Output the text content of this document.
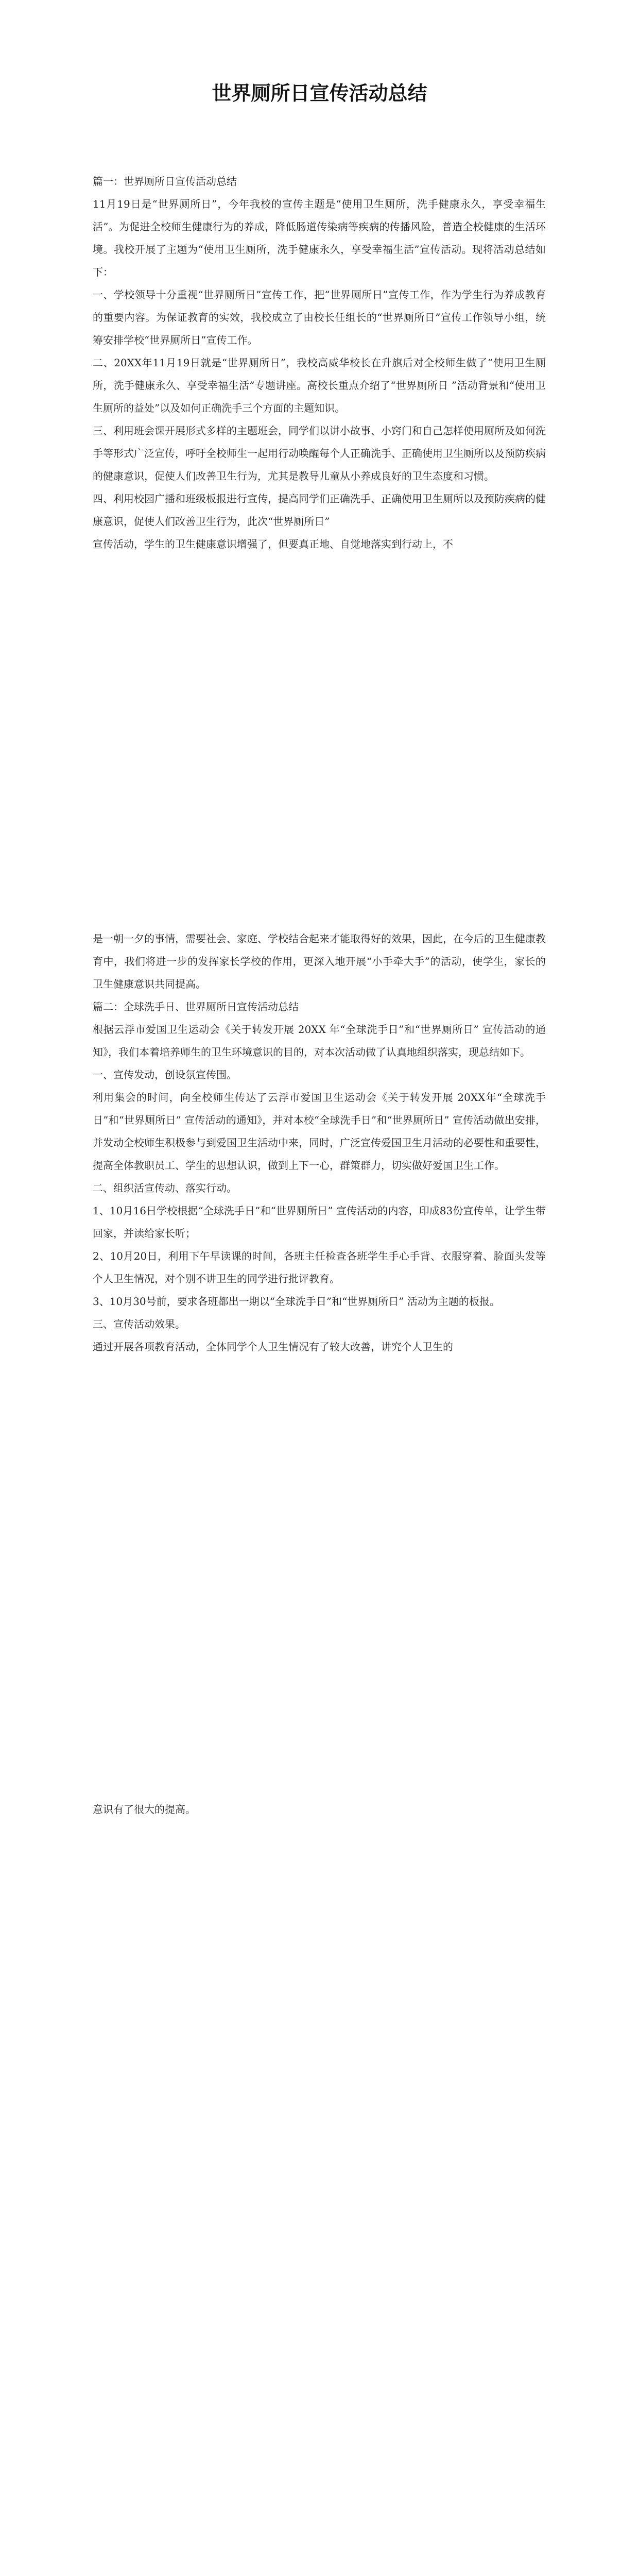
世界厕所日宣传活动总结

篇一：世界厕所日宣传活动总结

11月19日是“世界厕所日”，今年我校的宣传主题是“使用卫生厕所，洗手健康永久，享受幸福生活”。为促进全校师生健康行为的养成，降低肠道传染病等疾病的传播风险，普造全校健康的生活环境。我校开展了主题为“使用卫生厕所，洗手健康永久，享受幸福生活”宣传活动。现将活动总结如下：

一、学校领导十分重视“世界厕所日”宣传工作，把“世界厕所日”宣传工作，作为学生行为养成教育的重要内容。为保证教育的实效，我校成立了由校长任组长的“世界厕所日”宣传工作领导小组，统筹安排学校“世界厕所日”宣传工作。

二、20XX年11月19日就是“世界厕所日”，我校高威华校长在升旗后对全校师生做了“使用卫生厕所，洗手健康永久、享受幸福生活”专题讲座。高校长重点介绍了“世界厕所日 ”活动背景和“使用卫生厕所的益处”以及如何正确洗手三个方面的主题知识。

三、利用班会课开展形式多样的主题班会，同学们以讲小故事、小窍门和自己怎样使用厕所及如何洗手等形式广泛宣传，呼吁全校师生一起用行动唤醒每个人正确洗手、正确使用卫生厕所以及预防疾病的健康意识，促使人们改善卫生行为，尤其是教导儿童从小养成良好的卫生态度和习惯。

四、利用校园广播和班级板报进行宣传，提高同学们正确洗手、正确使用卫生厕所以及预防疾病的健康意识，促使人们改善卫生行为，此次“世界厕所日”

宣传活动，学生的卫生健康意识增强了，但要真正地、自觉地落实到行动上，不

是一朝一夕的事情，需要社会、家庭、学校结合起来才能取得好的效果，因此，在今后的卫生健康教育中，我们将进一步的发挥家长学校的作用，更深入地开展“小手牵大手”的活动，使学生，家长的卫生健康意识共同提高。

篇二：全球洗手日、世界厕所日宣传活动总结

根据云浮市爱国卫生运动会《关于转发开展 20XX 年“全球洗手日”和“世界厕所日” 宣传活动的通知》，我们本着培养师生的卫生环境意识的目的，对本次活动做了认真地组织落实，现总结如下。

一、宣传发动，创设氛宣传围。

利用集会的时间，向全校师生传达了云浮市爱国卫生运动会《关于转发开展 20XX年“全球洗手日”和“世界厕所日” 宣传活动的通知》，并对本校“全球洗手日”和“世界厕所日” 宣传活动做出安排，并发动全校师生积极参与到爱国卫生活动中来，同时，广泛宣传爱国卫生月活动的必要性和重要性，提高全体教职员工、学生的思想认识，做到上下一心，群策群力，切实做好爱国卫生工作。

二、组织活宣传动、落实行动。

1、10月16日学校根据“全球洗手日”和“世界厕所日” 宣传活动的内容，印成83份宣传单，让学生带回家，并读给家长听；

2、10月20日，利用下午早读课的时间，各班主任检查各班学生手心手背、衣服穿着、脸面头发等个人卫生情况，对个别不讲卫生的同学进行批评教育。

3、10月30号前，要求各班都出一期以“全球洗手日”和“世界厕所日” 活动为主题的板报。

三、宣传活动效果。

通过开展各项教育活动，全体同学个人卫生情况有了较大改善，讲究个人卫生的

意识有了很大的提高。
